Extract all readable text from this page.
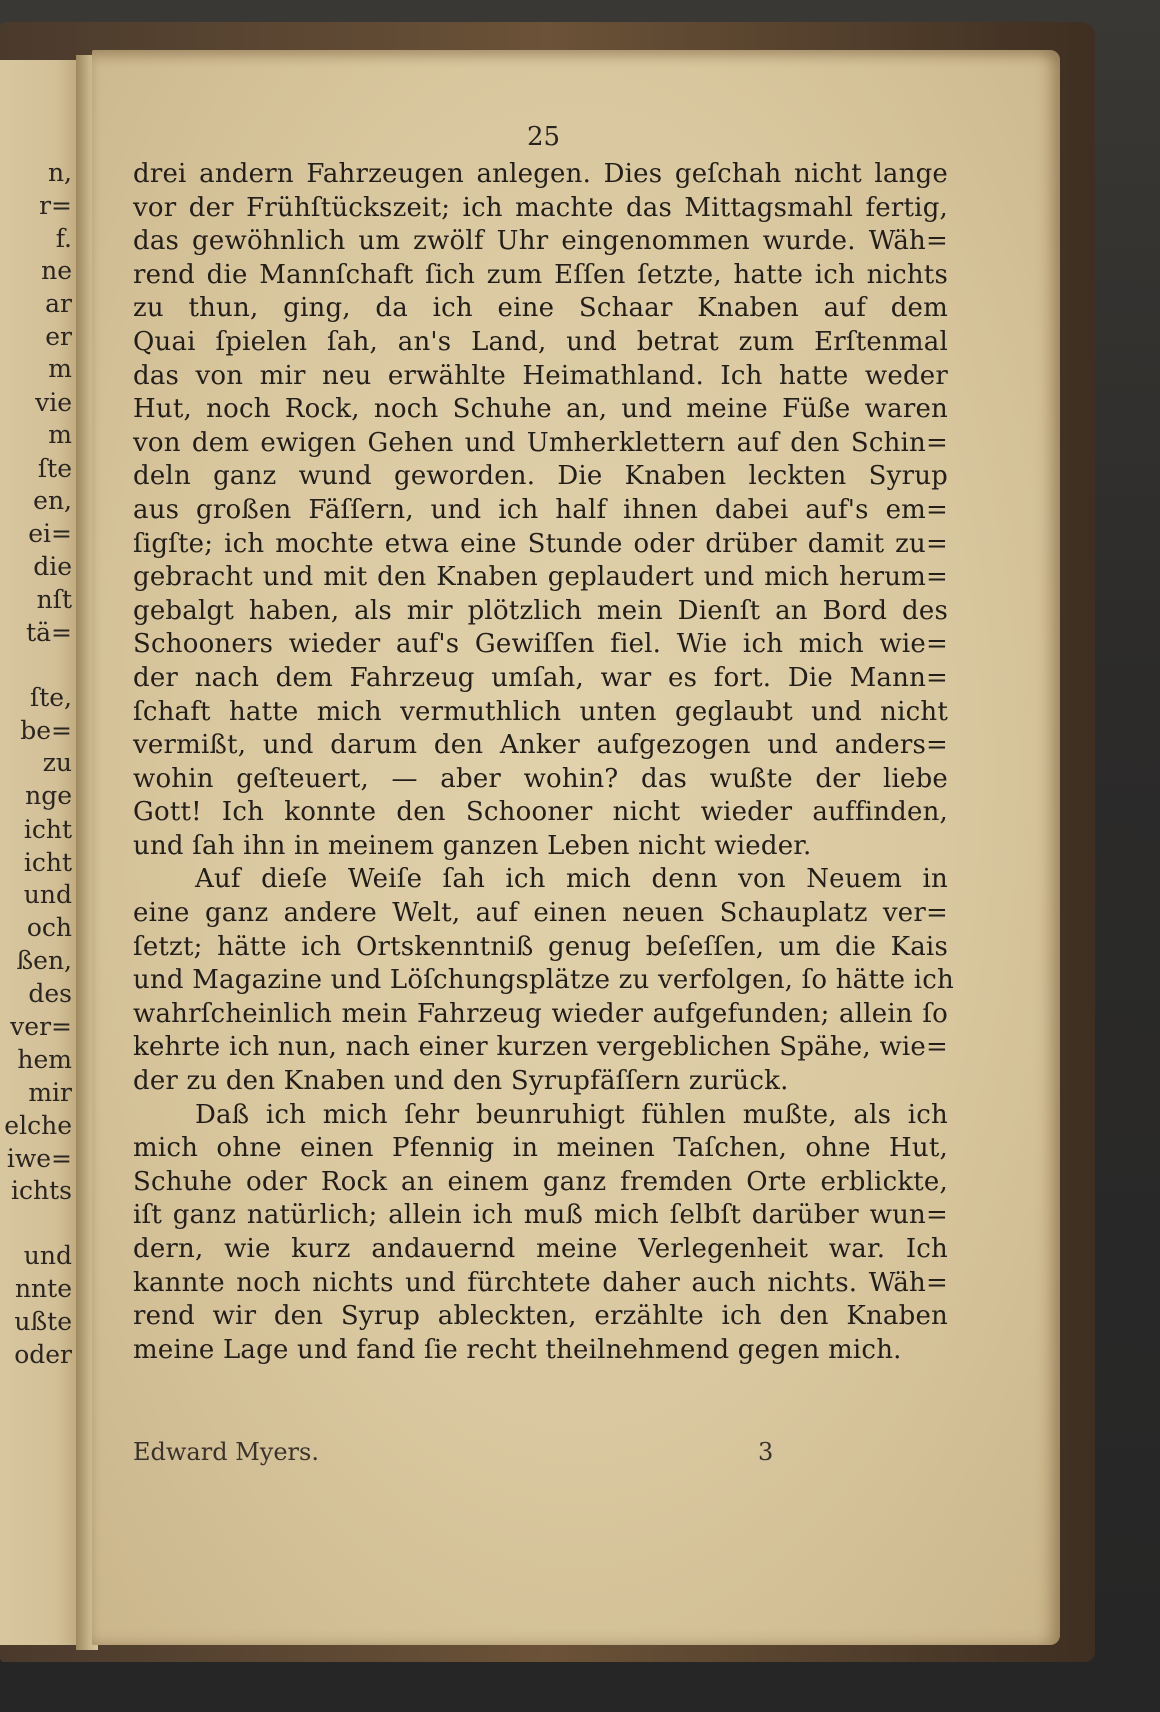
n,
r=
f.
ne
ar
er
m
vie
m
ſte
en,
ei=
die
nſt
tä=
ſte,
be=
zu
nge
icht
icht
und
och
ßen,
des
ver=
hem
mir
elche
iwe=
ichts
und
nnte
ußte
oder
25
drei andern Fahrzeugen anlegen. Dies geſchah nicht lange
vor der Frühſtückszeit; ich machte das Mittagsmahl fertig,
das gewöhnlich um zwölf Uhr eingenommen wurde. Wäh=
rend die Mannſchaft ſich zum Eſſen ſetzte, hatte ich nichts
zu thun, ging, da ich eine Schaar Knaben auf dem
Quai ſpielen ſah, an's Land, und betrat zum Erſtenmal
das von mir neu erwählte Heimathland. Ich hatte weder
Hut, noch Rock, noch Schuhe an, und meine Füße waren
von dem ewigen Gehen und Umherklettern auf den Schin=
deln ganz wund geworden. Die Knaben leckten Syrup
aus großen Fäſſern, und ich half ihnen dabei auf's em=
ſigſte; ich mochte etwa eine Stunde oder drüber damit zu=
gebracht und mit den Knaben geplaudert und mich herum=
gebalgt haben, als mir plötzlich mein Dienſt an Bord des
Schooners wieder auf's Gewiſſen fiel. Wie ich mich wie=
der nach dem Fahrzeug umſah, war es fort. Die Mann=
ſchaft hatte mich vermuthlich unten geglaubt und nicht
vermißt, und darum den Anker aufgezogen und anders=
wohin geſteuert, — aber wohin? das wußte der liebe
Gott! Ich konnte den Schooner nicht wieder auffinden,
und ſah ihn in meinem ganzen Leben nicht wieder.
Auf dieſe Weiſe ſah ich mich denn von Neuem in
eine ganz andere Welt, auf einen neuen Schauplatz ver=
ſetzt; hätte ich Ortskenntniß genug beſeſſen, um die Kais
und Magazine und Löſchungsplätze zu verfolgen, ſo hätte ich
wahrſcheinlich mein Fahrzeug wieder aufgefunden; allein ſo
kehrte ich nun, nach einer kurzen vergeblichen Spähe, wie=
der zu den Knaben und den Syrupfäſſern zurück.
Daß ich mich ſehr beunruhigt fühlen mußte, als ich
mich ohne einen Pfennig in meinen Taſchen, ohne Hut,
Schuhe oder Rock an einem ganz fremden Orte erblickte,
iſt ganz natürlich; allein ich muß mich ſelbſt darüber wun=
dern, wie kurz andauernd meine Verlegenheit war. Ich
kannte noch nichts und fürchtete daher auch nichts. Wäh=
rend wir den Syrup ableckten, erzählte ich den Knaben
meine Lage und fand ſie recht theilnehmend gegen mich.
Edward Myers.	3
